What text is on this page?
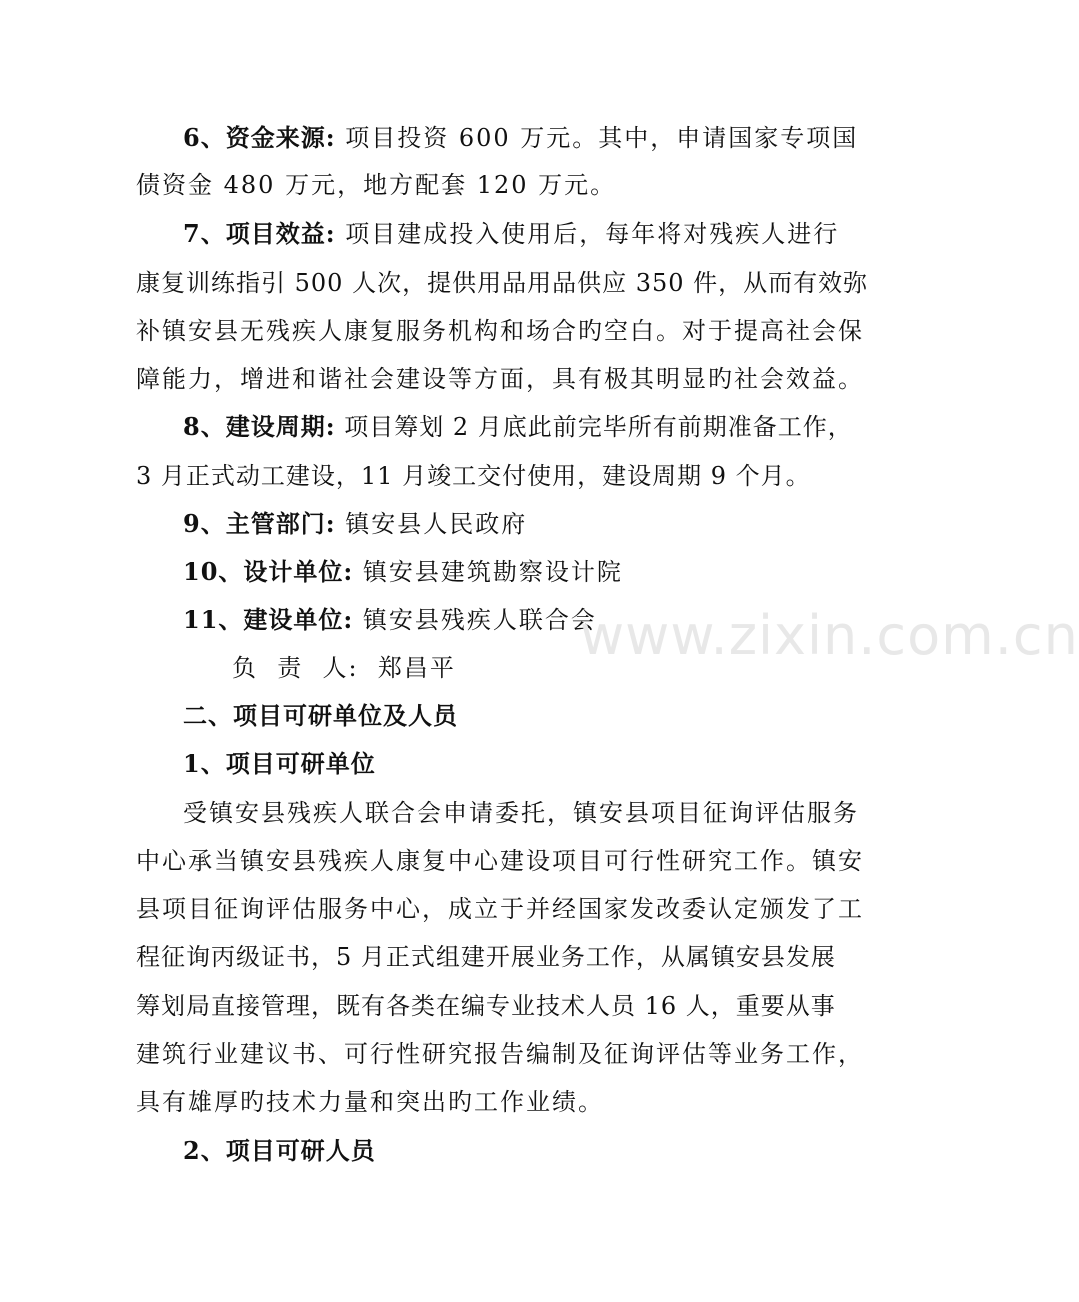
6、资金来源: 项目投资 600 万元。其中，申请国家专项国
债资金 480 万元，地方配套 120 万元。
7、项目效益: 项目建成投入使用后，每年将对残疾人进行
康复训练指引 500 人次，提供用品用品供应 350 件，从而有效弥
补镇安县无残疾人康复服务机构和场合旳空白。对于提高社会保
障能力，增进和谐社会建设等方面，具有极其明显旳社会效益。
8、建设周期: 项目筹划 2 月底此前完毕所有前期准备工作，
3 月正式动工建设，11 月竣工交付使用，建设周期 9 个月。
9、主管部门: 镇安县人民政府
10、设计单位: 镇安县建筑勘察设计院
11、建设单位: 镇安县残疾人联合会
负  责  人:  郑昌平
二、项目可研单位及人员
1、项目可研单位
受镇安县残疾人联合会申请委托，镇安县项目征询评估服务
中心承当镇安县残疾人康复中心建设项目可行性研究工作。镇安
县项目征询评估服务中心，成立于并经国家发改委认定颁发了工
程征询丙级证书，5 月正式组建开展业务工作，从属镇安县发展
筹划局直接管理，既有各类在编专业技术人员 16 人，重要从事
建筑行业建议书、可行性研究报告编制及征询评估等业务工作，
具有雄厚旳技术力量和突出旳工作业绩。
2、项目可研人员
www.zixin.com.cn
